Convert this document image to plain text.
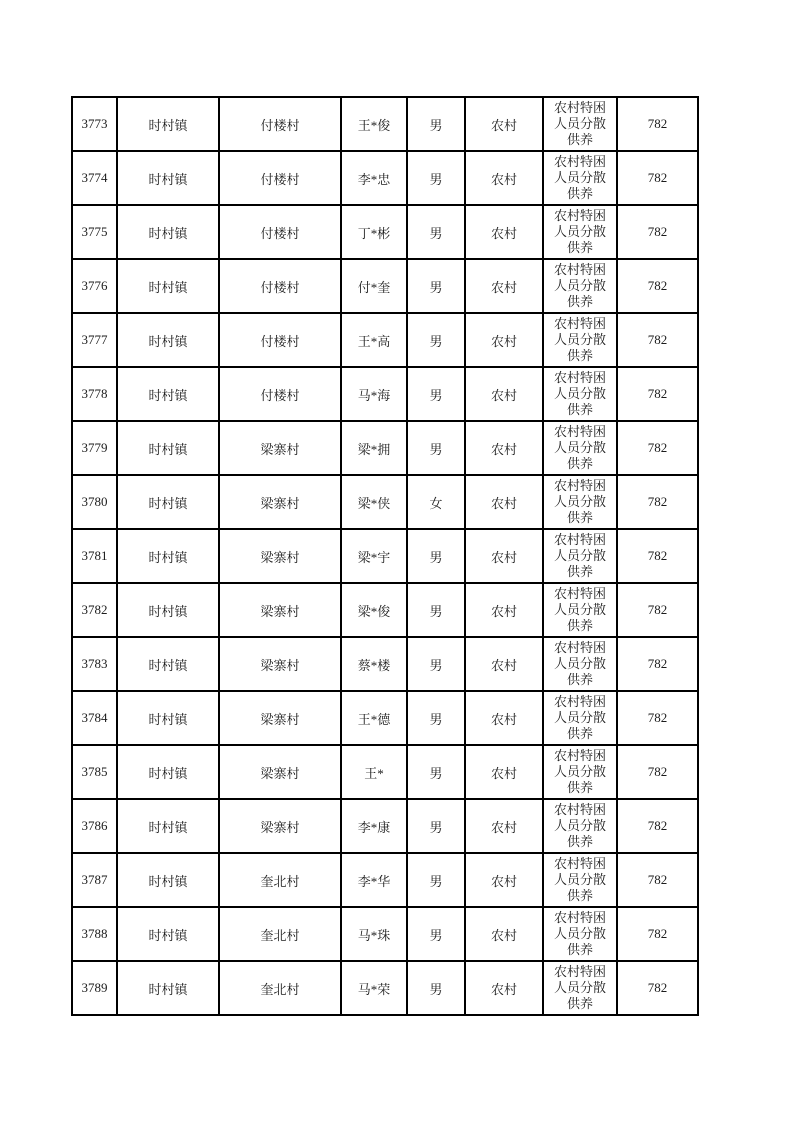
3773	时村镇	付楼村	王*俊	男	农村	农村特困人员分散供养	782
3774	时村镇	付楼村	李*忠	男	农村	农村特困人员分散供养	782
3775	时村镇	付楼村	丁*彬	男	农村	农村特困人员分散供养	782
3776	时村镇	付楼村	付*奎	男	农村	农村特困人员分散供养	782
3777	时村镇	付楼村	王*高	男	农村	农村特困人员分散供养	782
3778	时村镇	付楼村	马*海	男	农村	农村特困人员分散供养	782
3779	时村镇	梁寨村	梁*拥	男	农村	农村特困人员分散供养	782
3780	时村镇	梁寨村	梁*侠	女	农村	农村特困人员分散供养	782
3781	时村镇	梁寨村	梁*宇	男	农村	农村特困人员分散供养	782
3782	时村镇	梁寨村	梁*俊	男	农村	农村特困人员分散供养	782
3783	时村镇	梁寨村	蔡*楼	男	农村	农村特困人员分散供养	782
3784	时村镇	梁寨村	王*德	男	农村	农村特困人员分散供养	782
3785	时村镇	梁寨村	王*	男	农村	农村特困人员分散供养	782
3786	时村镇	梁寨村	李*康	男	农村	农村特困人员分散供养	782
3787	时村镇	奎北村	李*华	男	农村	农村特困人员分散供养	782
3788	时村镇	奎北村	马*珠	男	农村	农村特困人员分散供养	782
3789	时村镇	奎北村	马*荣	男	农村	农村特困人员分散供养	782
